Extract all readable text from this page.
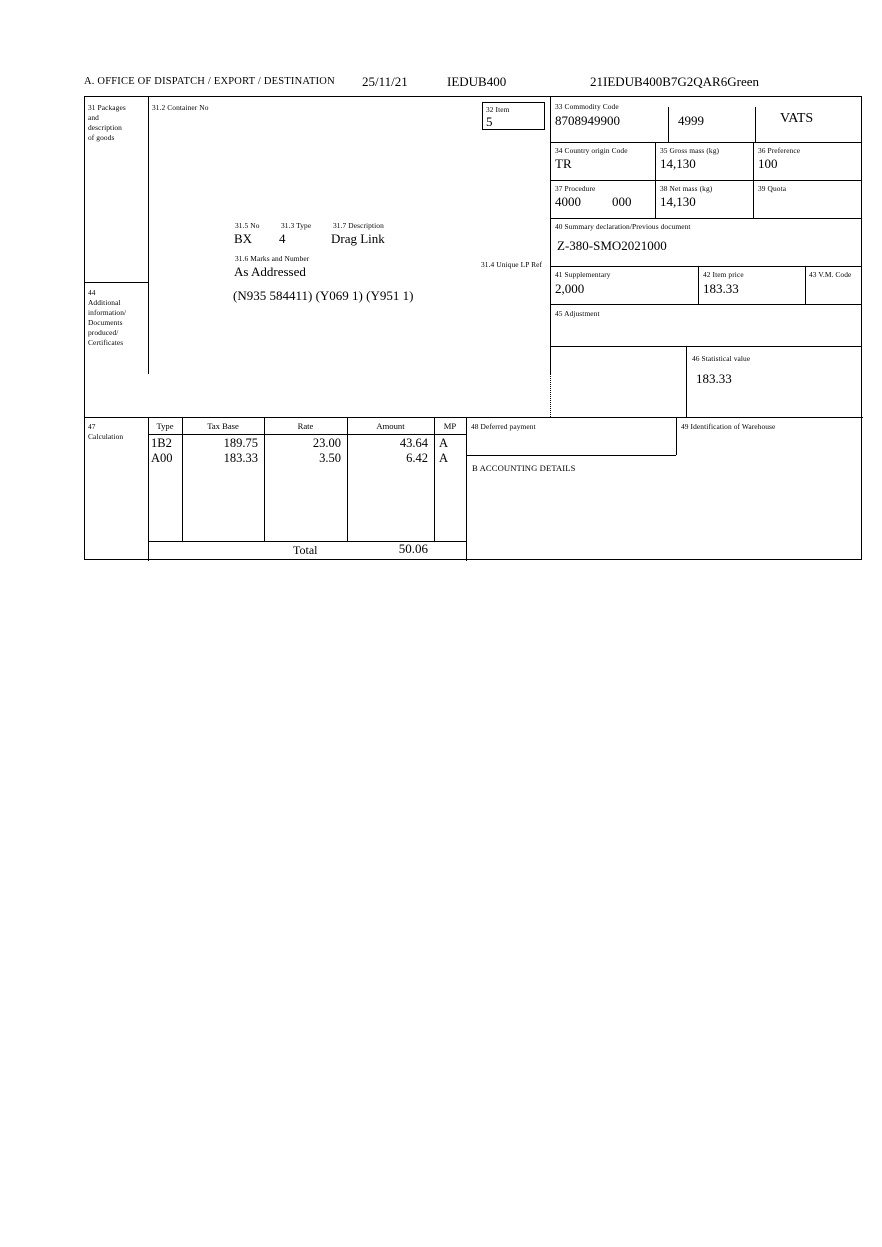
A. OFFICE OF DISPATCH / EXPORT / DESTINATION 25/11/21	IEDUB400	21IEDUB400B7G2QAR6Green
31 Packages
and
description
of goods
31.2 Container No
31.5 No	31.3 Type	31.7 Description
BX 4	Drag Link
31.6 Marks and Number
31.4 Unique LP Ref
As Addressed
32 Item
5
33 Commodity Code
8708949900	4999	VATS
34 Country origin Code
TR
35 Gross mass (kg)
14,130
36 Preference
100
37 Procedure
4000 000
38 Net mass (kg)
14,130
39 Quota
40 Summary declaration/Previous document
Z-380-SMO2021000
41 Supplementary
2,000
42 Item price
183.33
43 V.M. Code
45 Adjustment
46 Statistical value
183.33
44
Additional
information/
Documents
produced/
Certificates
(N935 584411) (Y069 1) (Y951 1)
47
Calculation
Type	Tax Base	Rate	Amount	MP
1B2	189.75	23.00	43.64 A
A00	183.33	3.50	6.42 A
Total	50.06
48 Deferred payment	49 Identification of Warehouse
B ACCOUNTING DETAILS
